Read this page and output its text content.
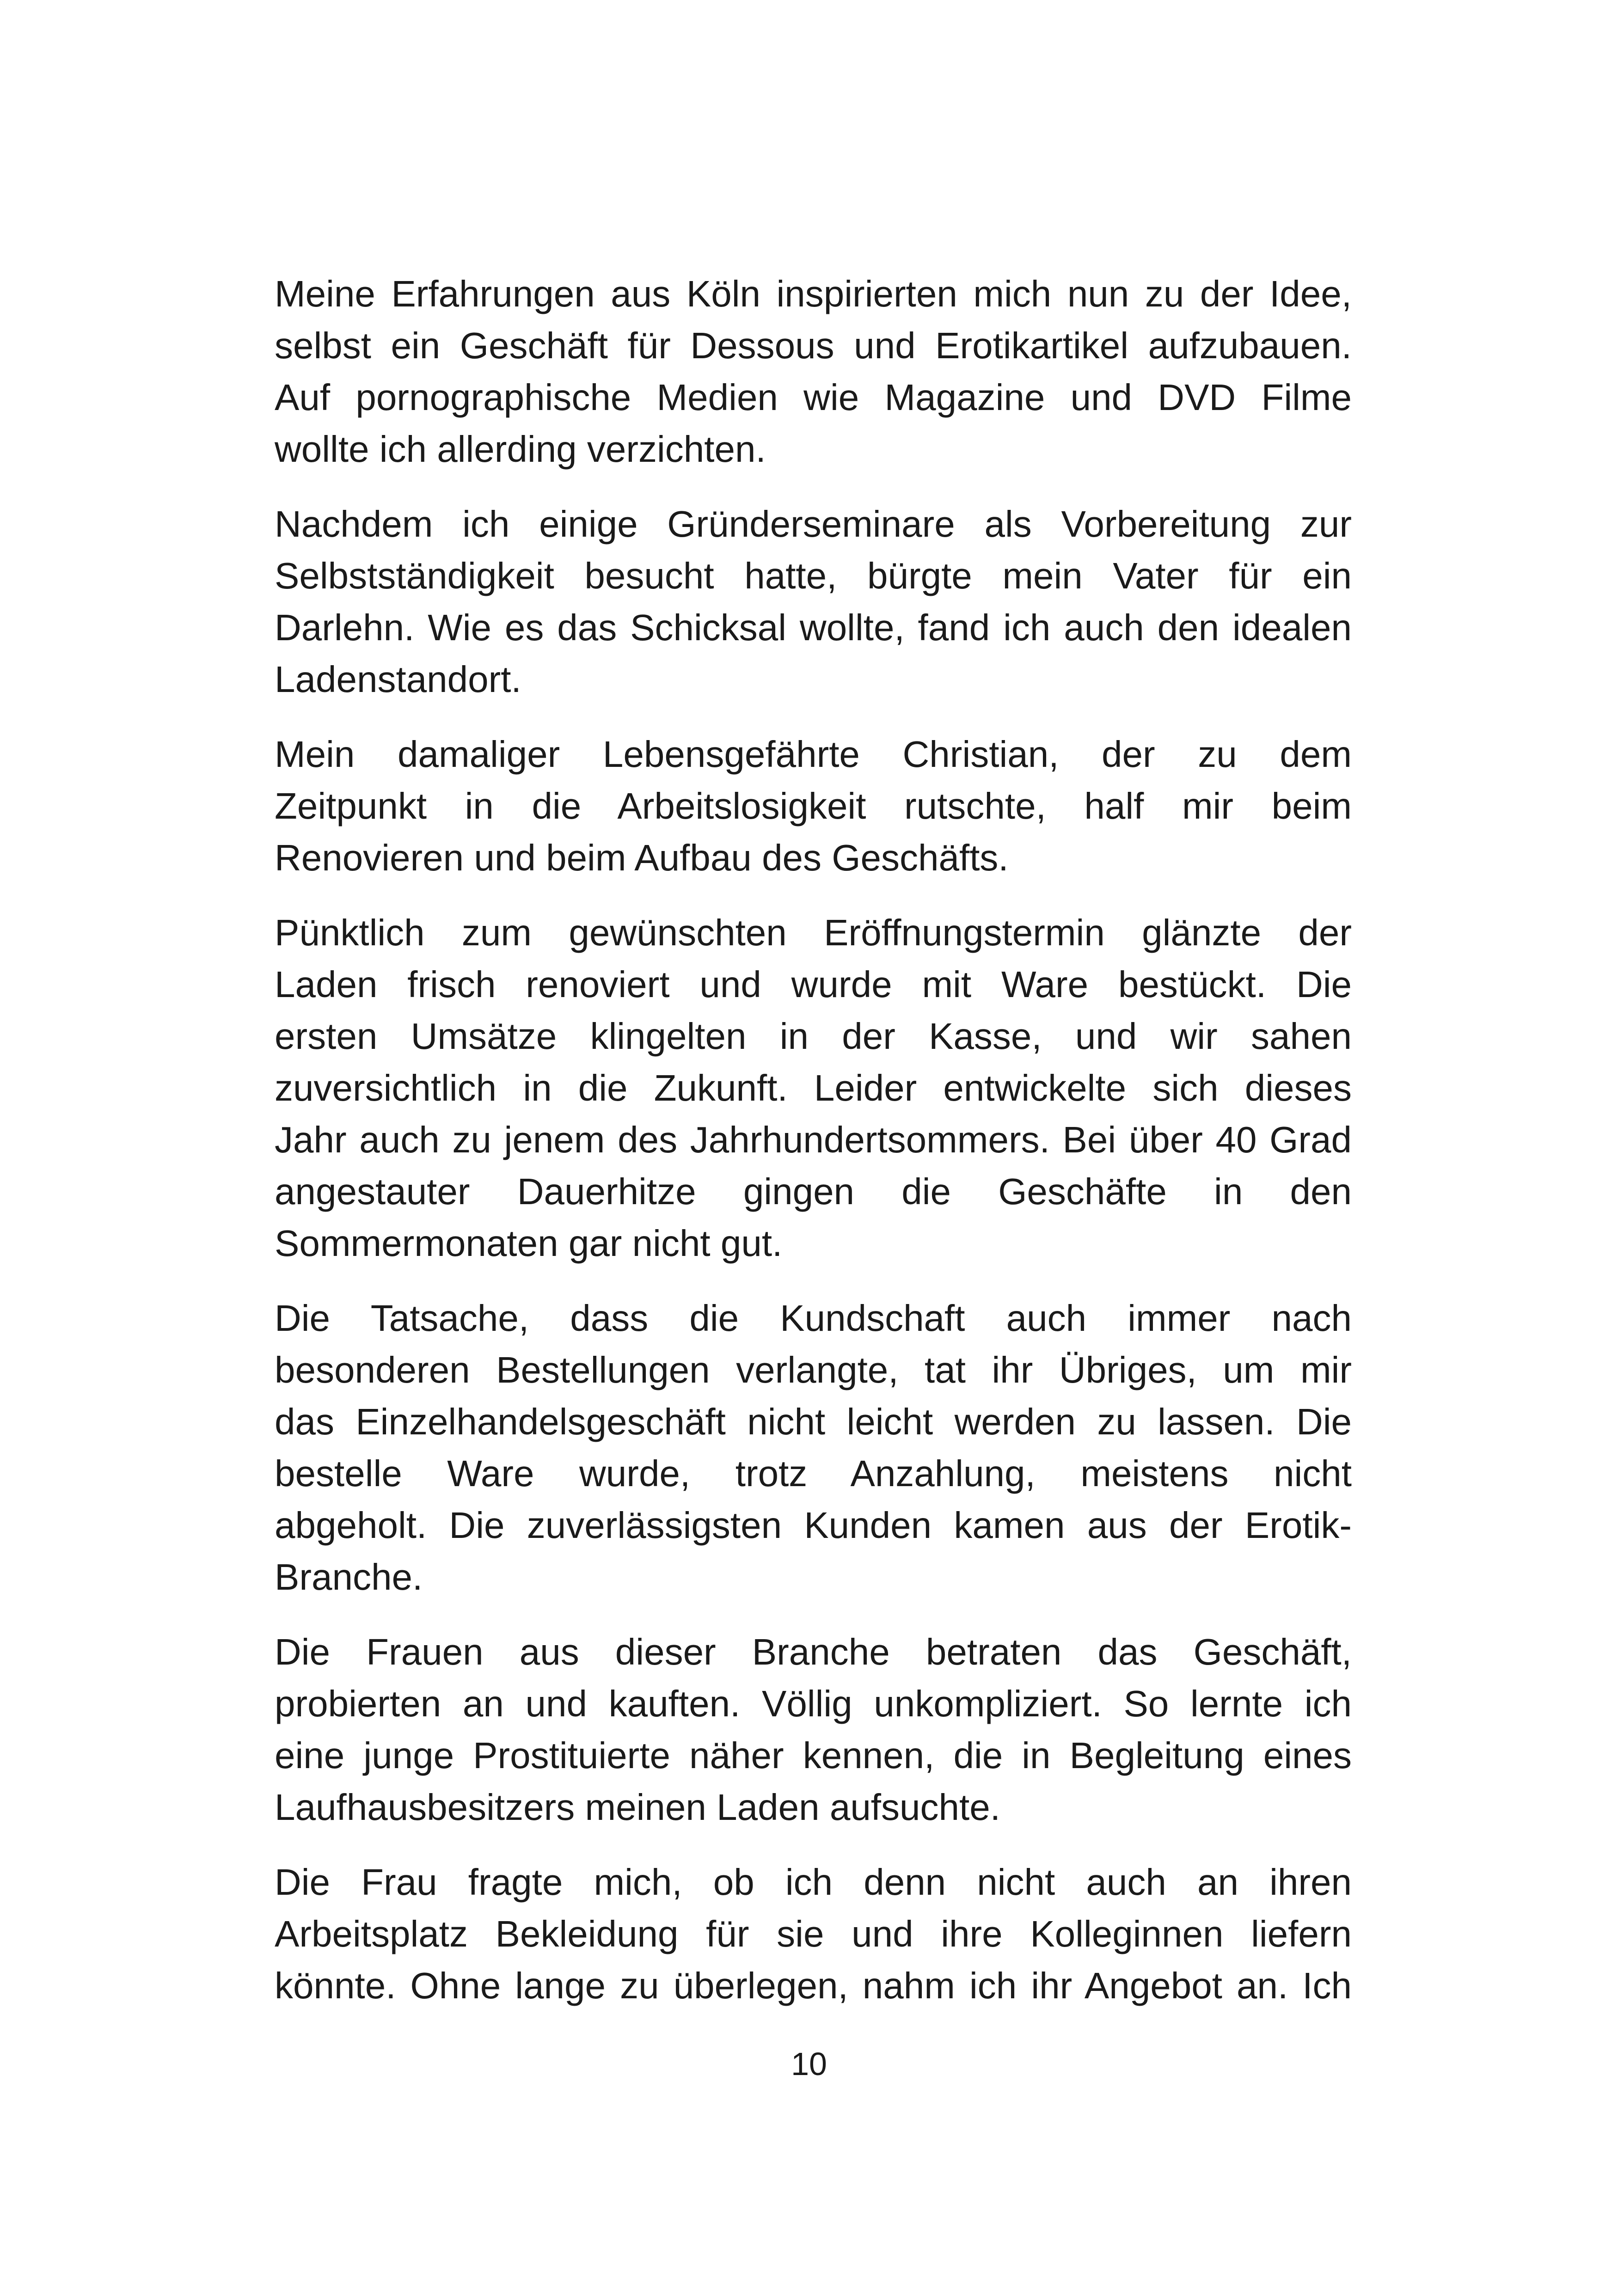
Meine Erfahrungen aus Köln inspirierten mich nun zu der Idee,
selbst ein Geschäft für Dessous und Erotikartikel aufzubauen.
Auf pornographische Medien wie Magazine und DVD Filme
wollte ich allerding verzichten.

Nachdem ich einige Gründerseminare als Vorbereitung zur
Selbstständigkeit besucht hatte, bürgte mein Vater für ein
Darlehn. Wie es das Schicksal wollte, fand ich auch den idealen
Ladenstandort.

Mein damaliger Lebensgefährte Christian, der zu dem
Zeitpunkt in die Arbeitslosigkeit rutschte, half mir beim
Renovieren und beim Aufbau des Geschäfts.

Pünktlich zum gewünschten Eröffnungstermin glänzte der
Laden frisch renoviert und wurde mit Ware bestückt. Die
ersten Umsätze klingelten in der Kasse, und wir sahen
zuversichtlich in die Zukunft. Leider entwickelte sich dieses
Jahr auch zu jenem des Jahrhundertsommers. Bei über 40 Grad
angestauter Dauerhitze gingen die Geschäfte in den
Sommermonaten gar nicht gut.

Die Tatsache, dass die Kundschaft auch immer nach
besonderen Bestellungen verlangte, tat ihr Übriges, um mir
das Einzelhandelsgeschäft nicht leicht werden zu lassen. Die
bestelle Ware wurde, trotz Anzahlung, meistens nicht
abgeholt. Die zuverlässigsten Kunden kamen aus der Erotik-
Branche.

Die Frauen aus dieser Branche betraten das Geschäft,
probierten an und kauften. Völlig unkompliziert. So lernte ich
eine junge Prostituierte näher kennen, die in Begleitung eines
Laufhausbesitzers meinen Laden aufsuchte.

Die Frau fragte mich, ob ich denn nicht auch an ihren
Arbeitsplatz Bekleidung für sie und ihre Kolleginnen liefern
könnte. Ohne lange zu überlegen, nahm ich ihr Angebot an. Ich

10
